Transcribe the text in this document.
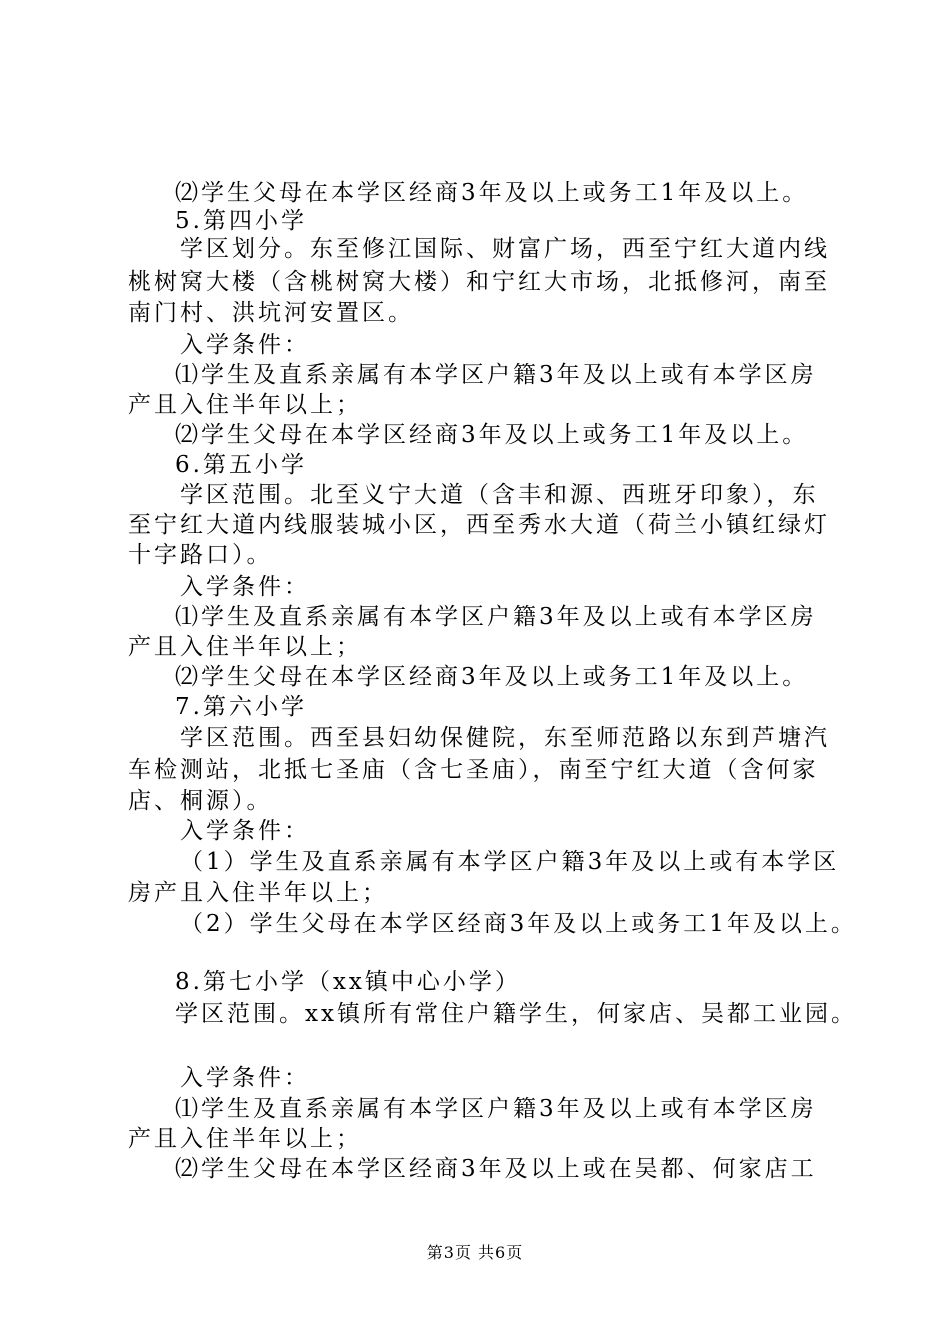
⑵学生父母在本学区经商3年及以上或务工1年及以上。
5.第四小学
学区划分。东至修江国际、财富广场，西至宁红大道内线
桃树窝大楼（含桃树窝大楼）和宁红大市场，北抵修河，南至
南门村、洪坑河安置区。
入学条件：
⑴学生及直系亲属有本学区户籍3年及以上或有本学区房
产且入住半年以上；
⑵学生父母在本学区经商3年及以上或务工1年及以上。
6.第五小学
学区范围。北至义宁大道（含丰和源、西班牙印象），东
至宁红大道内线服装城小区，西至秀水大道（荷兰小镇红绿灯
十字路口）。
入学条件：
⑴学生及直系亲属有本学区户籍3年及以上或有本学区房
产且入住半年以上；
⑵学生父母在本学区经商3年及以上或务工1年及以上。
7.第六小学
学区范围。西至县妇幼保健院，东至师范路以东到芦塘汽
车检测站，北抵七圣庙（含七圣庙），南至宁红大道（含何家
店、桐源）。
入学条件：
（1）学生及直系亲属有本学区户籍3年及以上或有本学区
房产且入住半年以上；
（2）学生父母在本学区经商3年及以上或务工1年及以上。
8.第七小学（xx镇中心小学）
学区范围。xx镇所有常住户籍学生，何家店、吴都工业园。
入学条件：
⑴学生及直系亲属有本学区户籍3年及以上或有本学区房
产且入住半年以上；
⑵学生父母在本学区经商3年及以上或在吴都、何家店工
第3页 共6页
